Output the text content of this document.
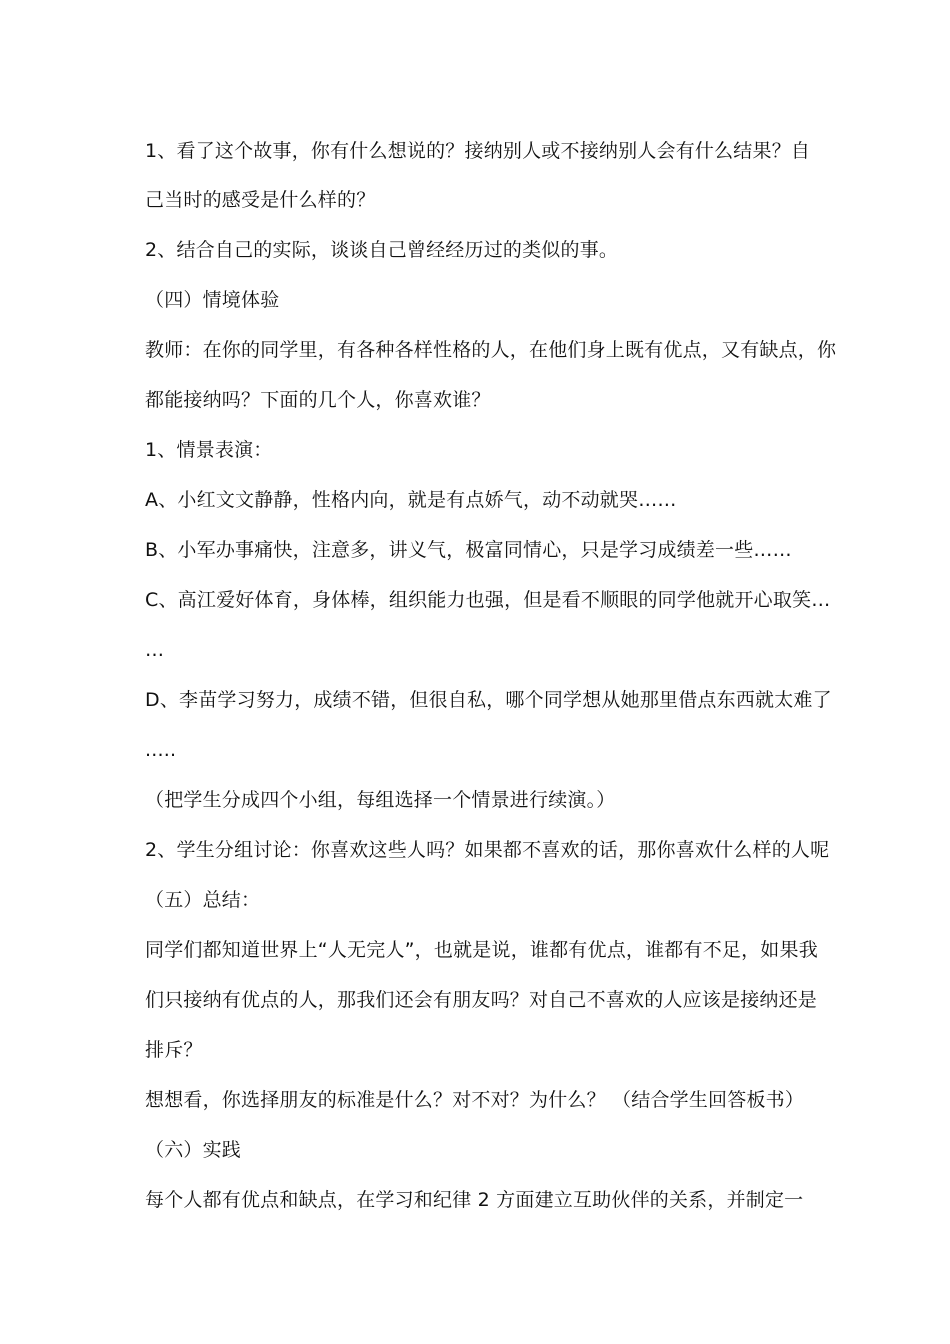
1、看了这个故事，你有什么想说的？接纳别人或不接纳别人会有什么结果？自
己当时的感受是什么样的？
2、结合自己的实际，谈谈自己曾经经历过的类似的事。
（四）情境体验
教师：在你的同学里，有各种各样性格的人，在他们身上既有优点，又有缺点，你
都能接纳吗？下面的几个人，你喜欢谁？
1、情景表演：
A、小红文文静静，性格内向，就是有点娇气，动不动就哭……
B、小军办事痛快，注意多，讲义气，极富同情心，只是学习成绩差一些……
C、高江爱好体育，身体棒，组织能力也强，但是看不顺眼的同学他就开心取笑…
…
D、李苗学习努力，成绩不错，但很自私，哪个同学想从她那里借点东西就太难了
.....
（把学生分成四个小组，每组选择一个情景进行续演。）
2、学生分组讨论：你喜欢这些人吗？如果都不喜欢的话，那你喜欢什么样的人呢
（五）总结：
同学们都知道世界上“人无完人”，也就是说，谁都有优点，谁都有不足，如果我
们只接纳有优点的人，那我们还会有朋友吗？对自己不喜欢的人应该是接纳还是
排斥？
想想看，你选择朋友的标准是什么？对不对？为什么？ （结合学生回答板书）
（六）实践
每个人都有优点和缺点，在学习和纪律 2 方面建立互助伙伴的关系，并制定一
